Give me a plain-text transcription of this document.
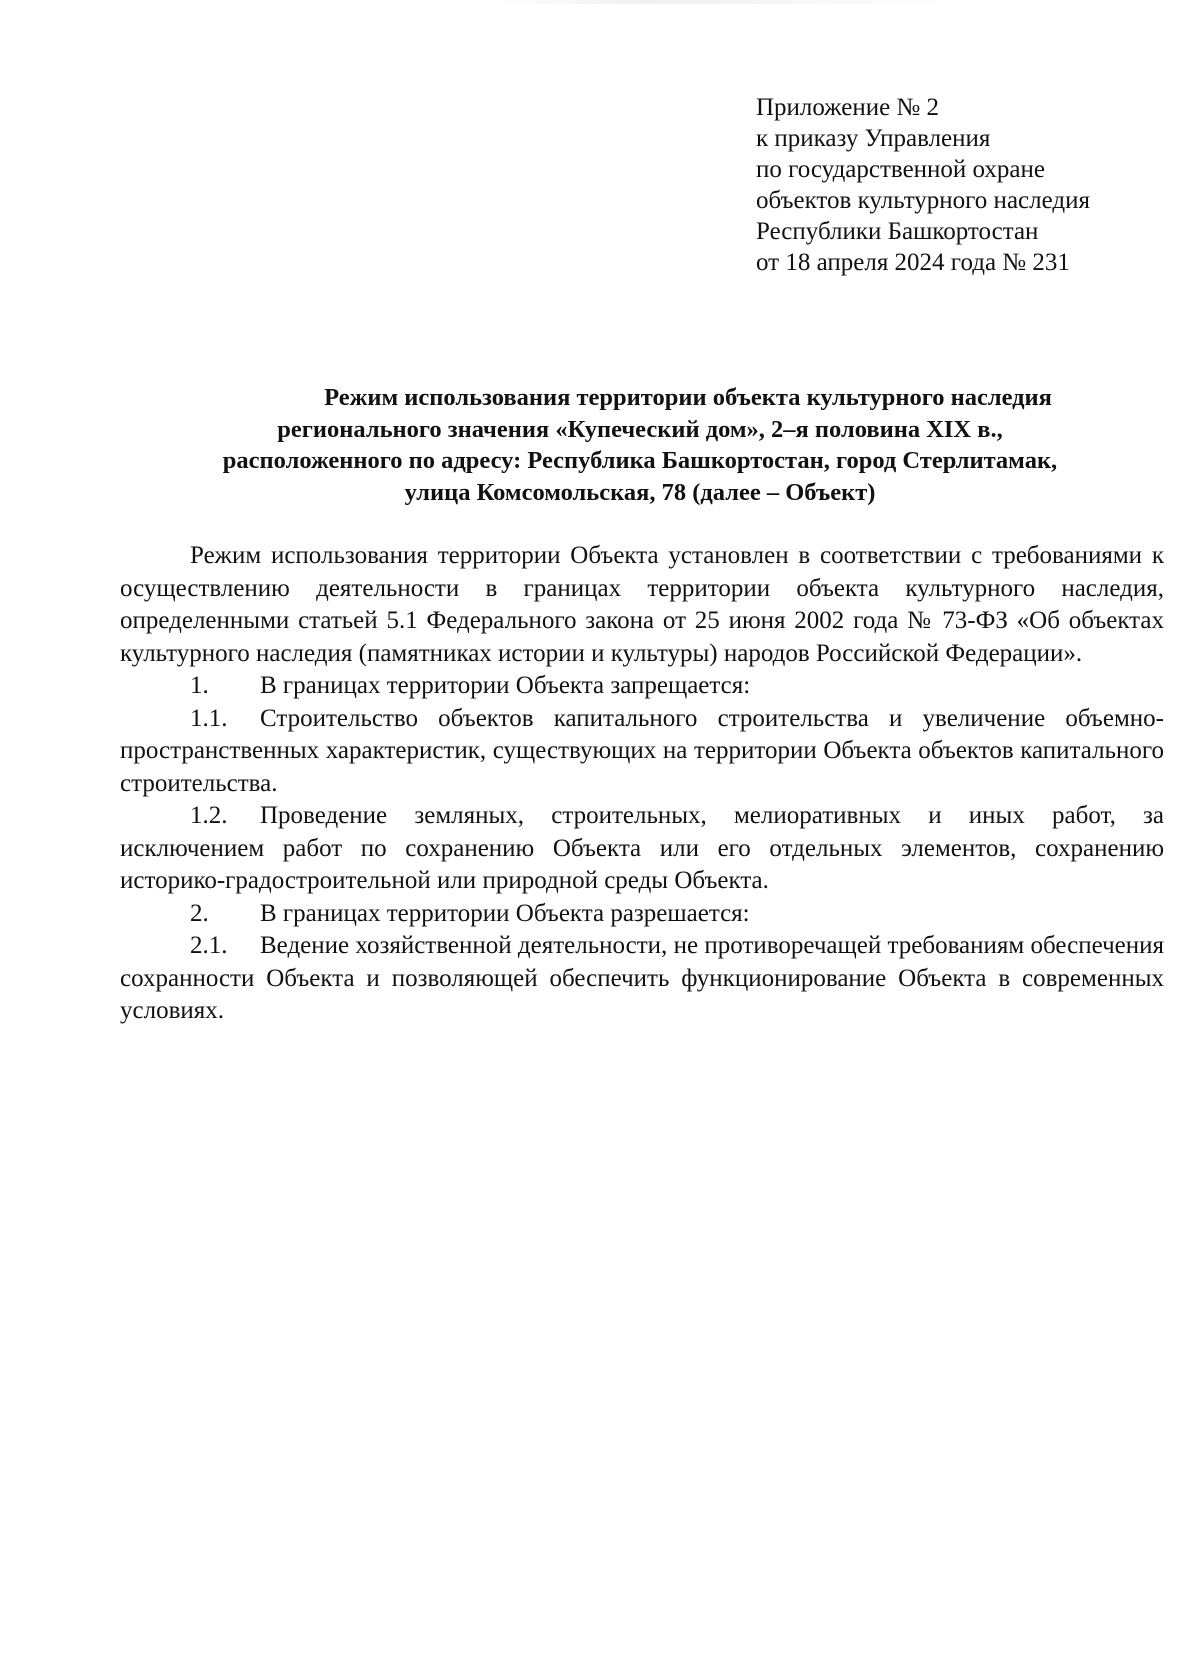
Приложение № 2
к приказу Управления
по государственной охране
объектов культурного наследия
Республики Башкортостан
от 18 апреля 2024 года № 231
Режим использования территории объекта культурного наследия
регионального значения «Купеческий дом», 2–я половина XIX в.,
расположенного по адресу: Республика Башкортостан, город Стерлитамак,
улица Комсомольская, 78 (далее – Объект)

Режим использования территории Объекта установлен в соответствии с требованиями к осуществлению деятельности в границах территории объекта культурного наследия, определенными статьей 5.1 Федерального закона от 25 июня 2002 года № 73-ФЗ «Об объектах культурного наследия (памятниках истории и культуры) народов Российской Федерации».

1. В границах территории Объекта запрещается:

1.1. Строительство объектов капитального строительства и увеличение объемно-пространственных характеристик, существующих на территории Объекта объектов капитального строительства.

1.2. Проведение земляных, строительных, мелиоративных и иных работ, за исключением работ по сохранению Объекта или его отдельных элементов, сохранению историко-градостроительной или природной среды Объекта.

2. В границах территории Объекта разрешается:

2.1. Ведение хозяйственной деятельности, не противоречащей требованиям обеспечения сохранности Объекта и позволяющей обеспечить функционирование Объекта в современных условиях.
